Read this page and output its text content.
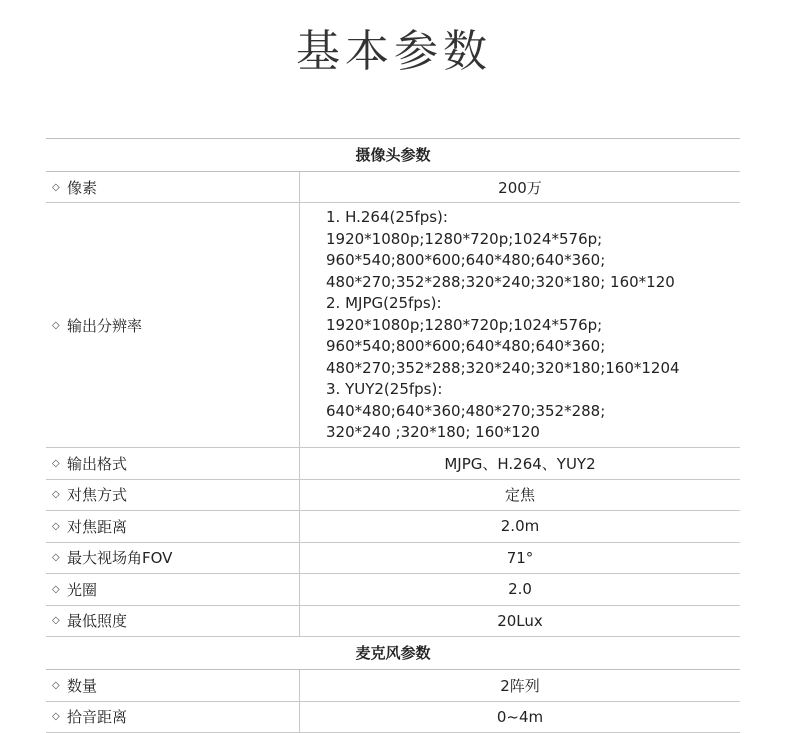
基本参数
摄像头参数
◇ 像素	200万
◇ 输出分辨率
1. H.264(25fps):
1920*1080p;1280*720p;1024*576p;
960*540;800*600;640*480;640*360;
480*270;352*288;320*240;320*180; 160*120
2. MJPG(25fps):
1920*1080p;1280*720p;1024*576p;
960*540;800*600;640*480;640*360;
480*270;352*288;320*240;320*180;160*1204
3. YUY2(25fps):
640*480;640*360;480*270;352*288;
320*240 ;320*180; 160*120
◇ 输出格式	MJPG、H.264、YUY2
◇ 对焦方式	定焦
◇ 对焦距离	2.0m
◇ 最大视场角FOV	71°
◇ 光圈	2.0
◇ 最低照度	20Lux
麦克风参数
◇ 数量	2阵列
◇ 拾音距离	0~4m
